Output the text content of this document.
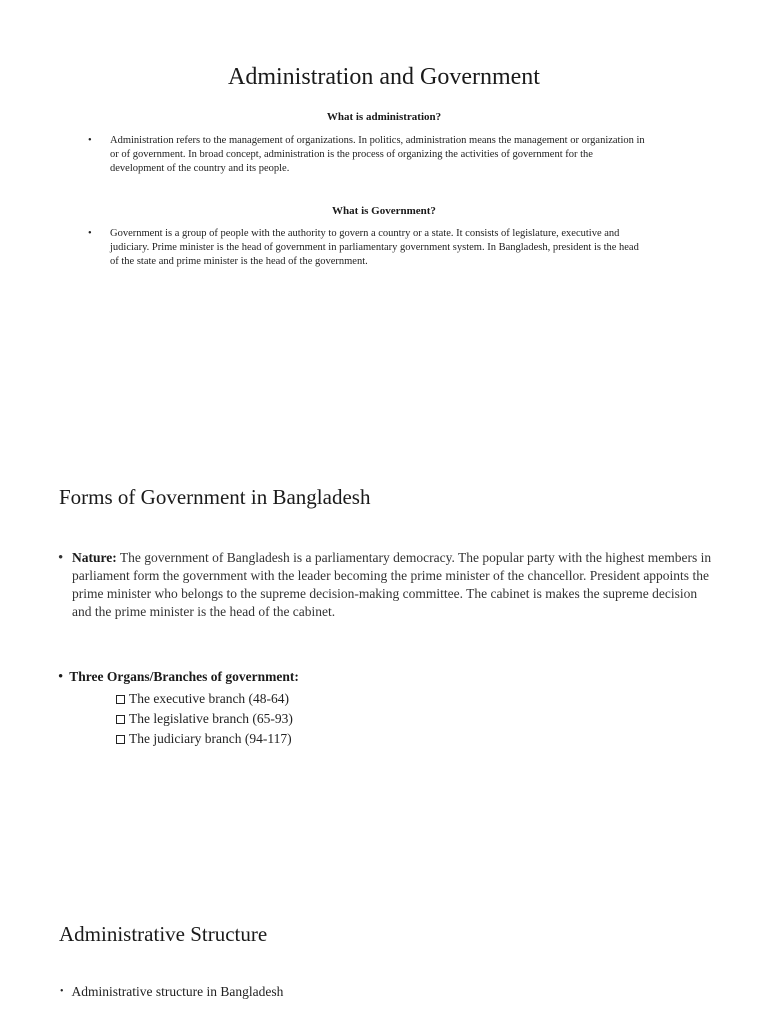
Administration and Government
What is administration?
• Administration refers to the management of organizations. In politics, administration means the management or organization in or of government. In broad concept, administration is the process of organizing the activities of government for the development of the country and its people.
What is Government?
• Government is a group of people with the authority to govern a country or a state. It consists of legislature, executive and judiciary. Prime minister is the head of government in parliamentary government system. In Bangladesh, president is the head of the state and prime minister is the head of the government.
Forms of Government in Bangladesh
• Nature: The government of Bangladesh is a parliamentary democracy. The popular party with the highest members in parliament form the government with the leader becoming the prime minister of the chancellor. President appoints the prime minister who belongs to the supreme decision-making committee. The cabinet is makes the supreme decision and the prime minister is the head of the cabinet.
• Three Organs/Branches of government:
The executive branch (48-64)
The legislative branch (65-93)
The judiciary branch (94-117)
Administrative Structure
• Administrative structure in Bangladesh
